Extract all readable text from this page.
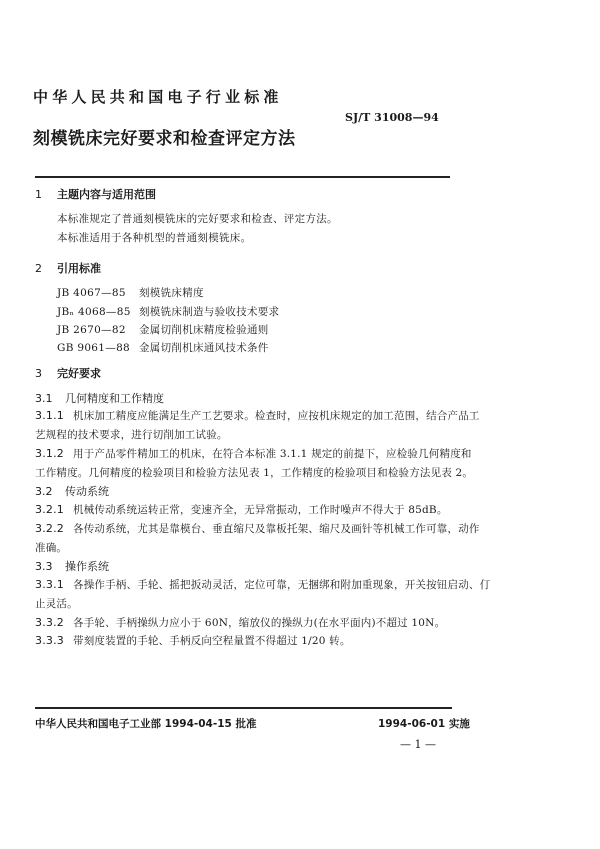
中华人民共和国电子行业标准
SJ/T 31008—94
刻模铣床完好要求和检查评定方法
1 主题内容与适用范围
本标准规定了普通刻模铣床的完好要求和检查、评定方法。
本标准适用于各种机型的普通刻模铣床。
2 引用标准
JB 4067—85 刻模铣床精度
JBₙ 4068—85 刻模铣床制造与验收技术要求
JB 2670—82 金属切削机床精度检验通则
GB 9061—88 金属切削机床通风技术条件
3 完好要求
3.1 几何精度和工作精度
3.1.1 机床加工精度应能满足生产工艺要求。检查时，应按机床规定的加工范围，结合产品工
艺规程的技术要求，进行切削加工试验。
3.1.2 用于产品零件精加工的机床，在符合本标准 3.1.1 规定的前提下，应检验几何精度和
工作精度。几何精度的检验项目和检验方法见表 1，工作精度的检验项目和检验方法见表 2。
3.2 传动系统
3.2.1 机械传动系统运转正常，变速齐全，无异常振动，工作时噪声不得大于 85dB。
3.2.2 各传动系统，尤其是靠模台、垂直缩尺及靠板托架、缩尺及画针等机械工作可靠，动作
准确。
3.3 操作系统
3.3.1 各操作手柄、手轮、摇把扳动灵活，定位可靠，无捆绑和附加重现象，开关按钮启动、仃
止灵活。
3.3.2 各手轮、手柄操纵力应小于 60N，缩放仪的操纵力(在水平面内)不超过 10N。
3.3.3 带刻度装置的手轮、手柄反向空程量置不得超过 1/20 转。
中华人民共和国电子工业部 1994-04-15 批准	1994-06-01 实施
— 1 —
